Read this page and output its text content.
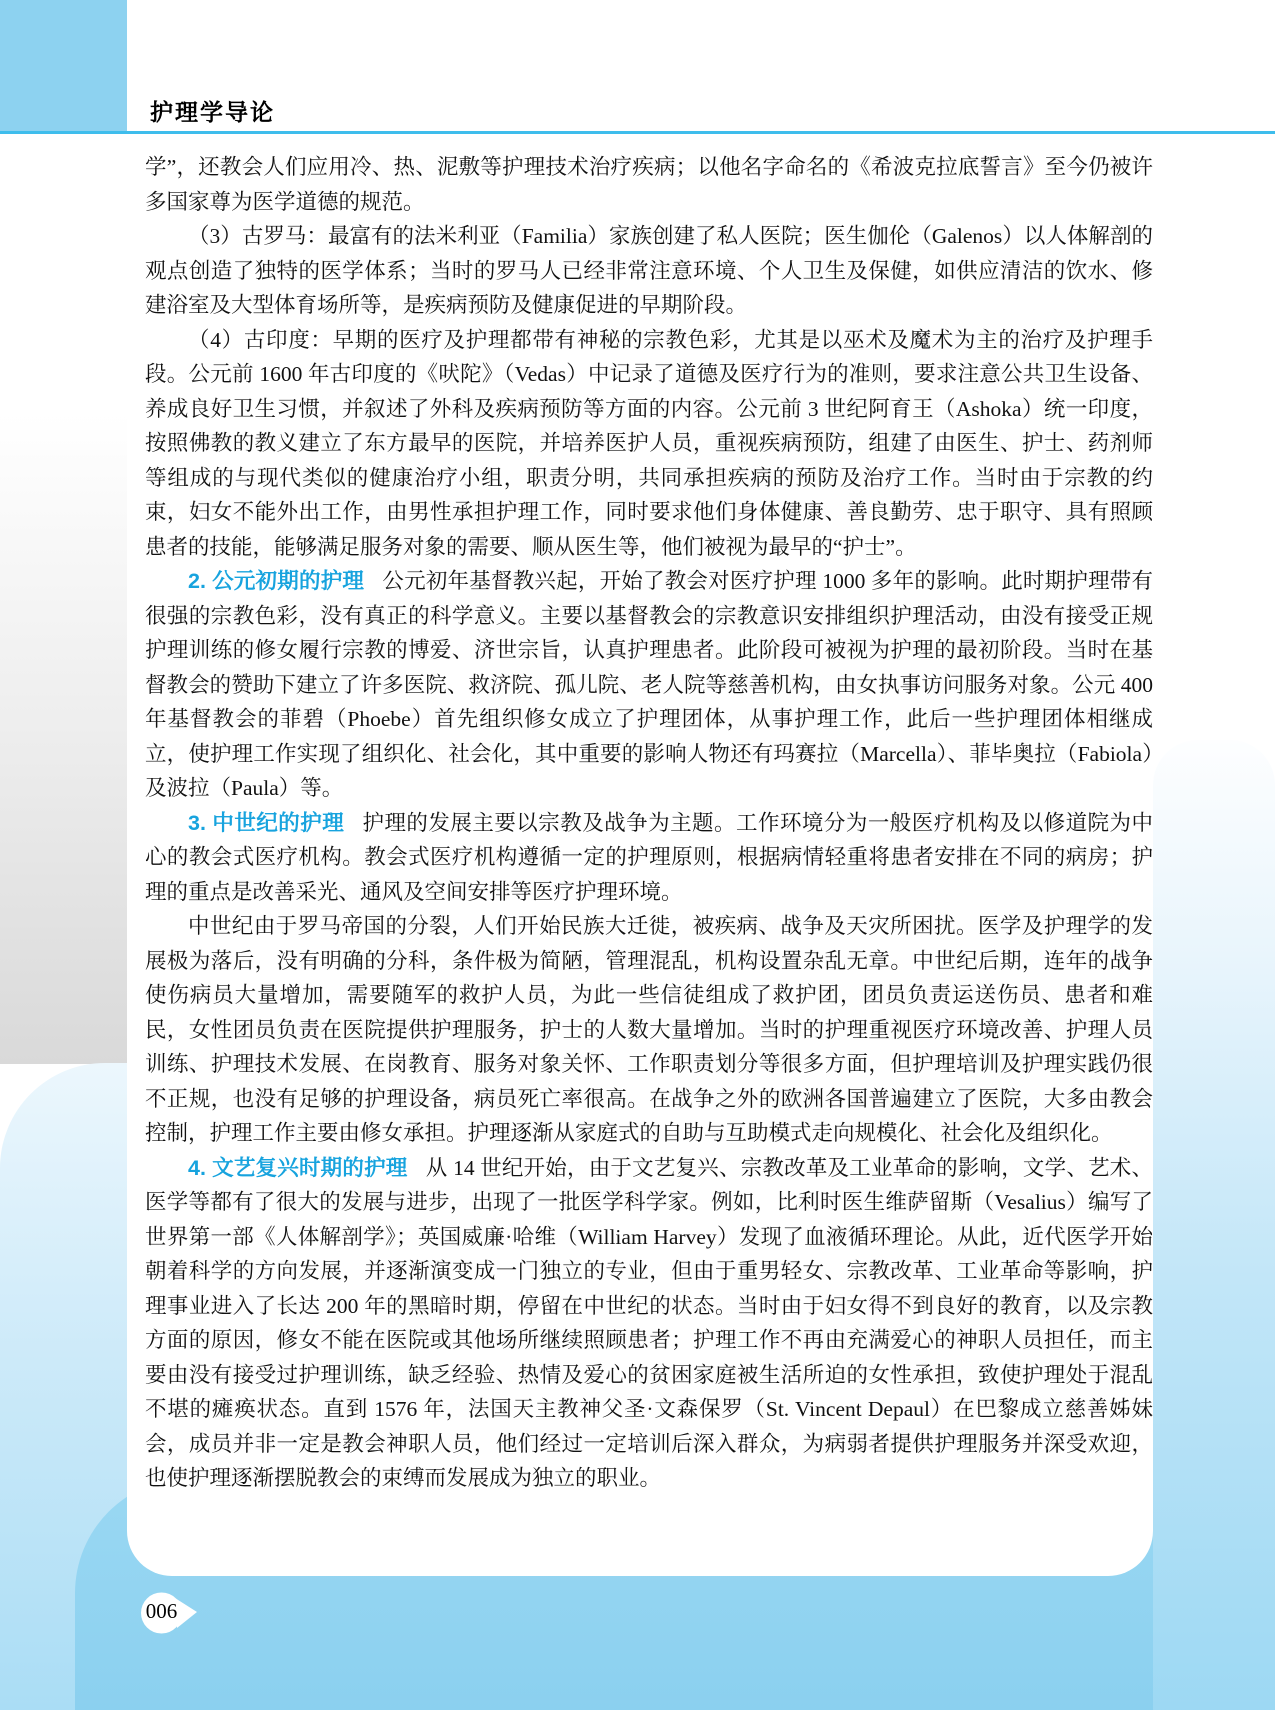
护理学导论

学”，还教会人们应用冷、热、泥敷等护理技术治疗疾病；以他名字命名的《希波克拉底誓言》至今仍被许多国家尊为医学道德的规范。

（3）古罗马：最富有的法米利亚（Familia）家族创建了私人医院；医生伽伦（Galenos）以人体解剖的观点创造了独特的医学体系；当时的罗马人已经非常注意环境、个人卫生及保健，如供应清洁的饮水、修建浴室及大型体育场所等，是疾病预防及健康促进的早期阶段。

（4）古印度：早期的医疗及护理都带有神秘的宗教色彩，尤其是以巫术及魔术为主的治疗及护理手段。公元前 1600 年古印度的《吠陀》（Vedas）中记录了道德及医疗行为的准则，要求注意公共卫生设备、养成良好卫生习惯，并叙述了外科及疾病预防等方面的内容。公元前 3 世纪阿育王（Ashoka）统一印度，按照佛教的教义建立了东方最早的医院，并培养医护人员，重视疾病预防，组建了由医生、护士、药剂师等组成的与现代类似的健康治疗小组，职责分明，共同承担疾病的预防及治疗工作。当时由于宗教的约束，妇女不能外出工作，由男性承担护理工作，同时要求他们身体健康、善良勤劳、忠于职守、具有照顾患者的技能，能够满足服务对象的需要、顺从医生等，他们被视为最早的“护士”。

2. 公元初期的护理 公元初年基督教兴起，开始了教会对医疗护理 1000 多年的影响。此时期护理带有很强的宗教色彩，没有真正的科学意义。主要以基督教会的宗教意识安排组织护理活动，由没有接受正规护理训练的修女履行宗教的博爱、济世宗旨，认真护理患者。此阶段可被视为护理的最初阶段。当时在基督教会的赞助下建立了许多医院、救济院、孤儿院、老人院等慈善机构，由女执事访问服务对象。公元 400 年基督教会的菲碧（Phoebe）首先组织修女成立了护理团体，从事护理工作，此后一些护理团体相继成立，使护理工作实现了组织化、社会化，其中重要的影响人物还有玛赛拉（Marcella）、菲毕奥拉（Fabiola）及波拉（Paula）等。

3. 中世纪的护理 护理的发展主要以宗教及战争为主题。工作环境分为一般医疗机构及以修道院为中心的教会式医疗机构。教会式医疗机构遵循一定的护理原则，根据病情轻重将患者安排在不同的病房；护理的重点是改善采光、通风及空间安排等医疗护理环境。

中世纪由于罗马帝国的分裂，人们开始民族大迁徙，被疾病、战争及天灾所困扰。医学及护理学的发展极为落后，没有明确的分科，条件极为简陋，管理混乱，机构设置杂乱无章。中世纪后期，连年的战争使伤病员大量增加，需要随军的救护人员，为此一些信徒组成了救护团，团员负责运送伤员、患者和难民，女性团员负责在医院提供护理服务，护士的人数大量增加。当时的护理重视医疗环境改善、护理人员训练、护理技术发展、在岗教育、服务对象关怀、工作职责划分等很多方面，但护理培训及护理实践仍很不正规，也没有足够的护理设备，病员死亡率很高。在战争之外的欧洲各国普遍建立了医院，大多由教会控制，护理工作主要由修女承担。护理逐渐从家庭式的自助与互助模式走向规模化、社会化及组织化。

4. 文艺复兴时期的护理 从 14 世纪开始，由于文艺复兴、宗教改革及工业革命的影响，文学、艺术、医学等都有了很大的发展与进步，出现了一批医学科学家。例如，比利时医生维萨留斯（Vesalius）编写了世界第一部《人体解剖学》；英国威廉·哈维（William Harvey）发现了血液循环理论。从此，近代医学开始朝着科学的方向发展，并逐渐演变成一门独立的专业，但由于重男轻女、宗教改革、工业革命等影响，护理事业进入了长达 200 年的黑暗时期，停留在中世纪的状态。当时由于妇女得不到良好的教育，以及宗教方面的原因，修女不能在医院或其他场所继续照顾患者；护理工作不再由充满爱心的神职人员担任，而主要由没有接受过护理训练，缺乏经验、热情及爱心的贫困家庭被生活所迫的女性承担，致使护理处于混乱不堪的瘫痪状态。直到 1576 年，法国天主教神父圣·文森保罗（St. Vincent Depaul）在巴黎成立慈善姊妹会，成员并非一定是教会神职人员，他们经过一定培训后深入群众，为病弱者提供护理服务并深受欢迎，也使护理逐渐摆脱教会的束缚而发展成为独立的职业。

006
